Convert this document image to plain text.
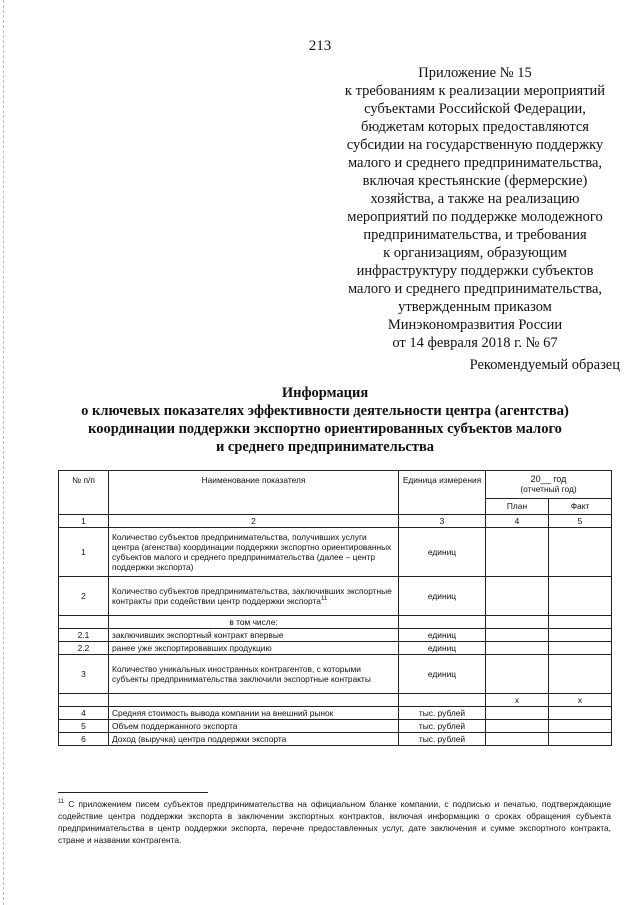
213
Приложение № 15
к требованиям к реализации мероприятий
субъектами Российской Федерации,
бюджетам которых предоставляются
субсидии на государственную поддержку
малого и среднего предпринимательства,
включая крестьянские (фермерские)
хозяйства, а также на реализацию
мероприятий по поддержке молодежного
предпринимательства, и требования
к организациям, образующим
инфраструктуру поддержки субъектов
малого и среднего предпринимательства,
утвержденным приказом
Минэкономразвития России
от 14 февраля 2018 г. № 67
Рекомендуемый образец
Информация
о ключевых показателях эффективности деятельности центра (агентства)
координации поддержки экспортно ориентированных субъектов малого
и среднего предпринимательства
№ п/п	Наименование показателя	Единица измерения	20__ год
(отчетный год)	

			План	Факт
1	2	3	4	5
1	Количество субъектов предпринимательства, получивших услуги центра (агенства) координации поддержки экспортно ориентированных субъектов малого и среднего предпринимательства (далее – центр поддержки экспорта)	единиц		
2	Количество субъектов предпринимательства, заключивших экспортные контракты при содействии центр поддержки экспорта$^{11}$	единиц		
	в том числе:			
2.1	заключивших экспортный контракт впервые	единиц		
2.2	ранее уже экспортировавших продукцию	единиц		
3	Количество уникальных иностранных контрагентов, с которыми субъекты предпринимательства заключили экспортные контракты	единиц		
			х	х
4	Средняя стоимость вывода компании на внешний рынок	тыс. рублей		
5	Объем поддержанного экспорта	тыс. рублей		
6	Доход (выручка) центра поддержки экспорта	тыс. рублей		
$^{11}$ С приложением писем субъектов предпринимательства на официальном бланке компании, с подписью и печатью, подтверждающие содействие центра поддержки экспорта в заключении экспортных контрактов, включая информацию о сроках обращения субъекта предпринимательства в центр поддержки экспорта, перечне предоставленных услуг, дате заключения и сумме экспортного контракта, стране и названии контрагента.
